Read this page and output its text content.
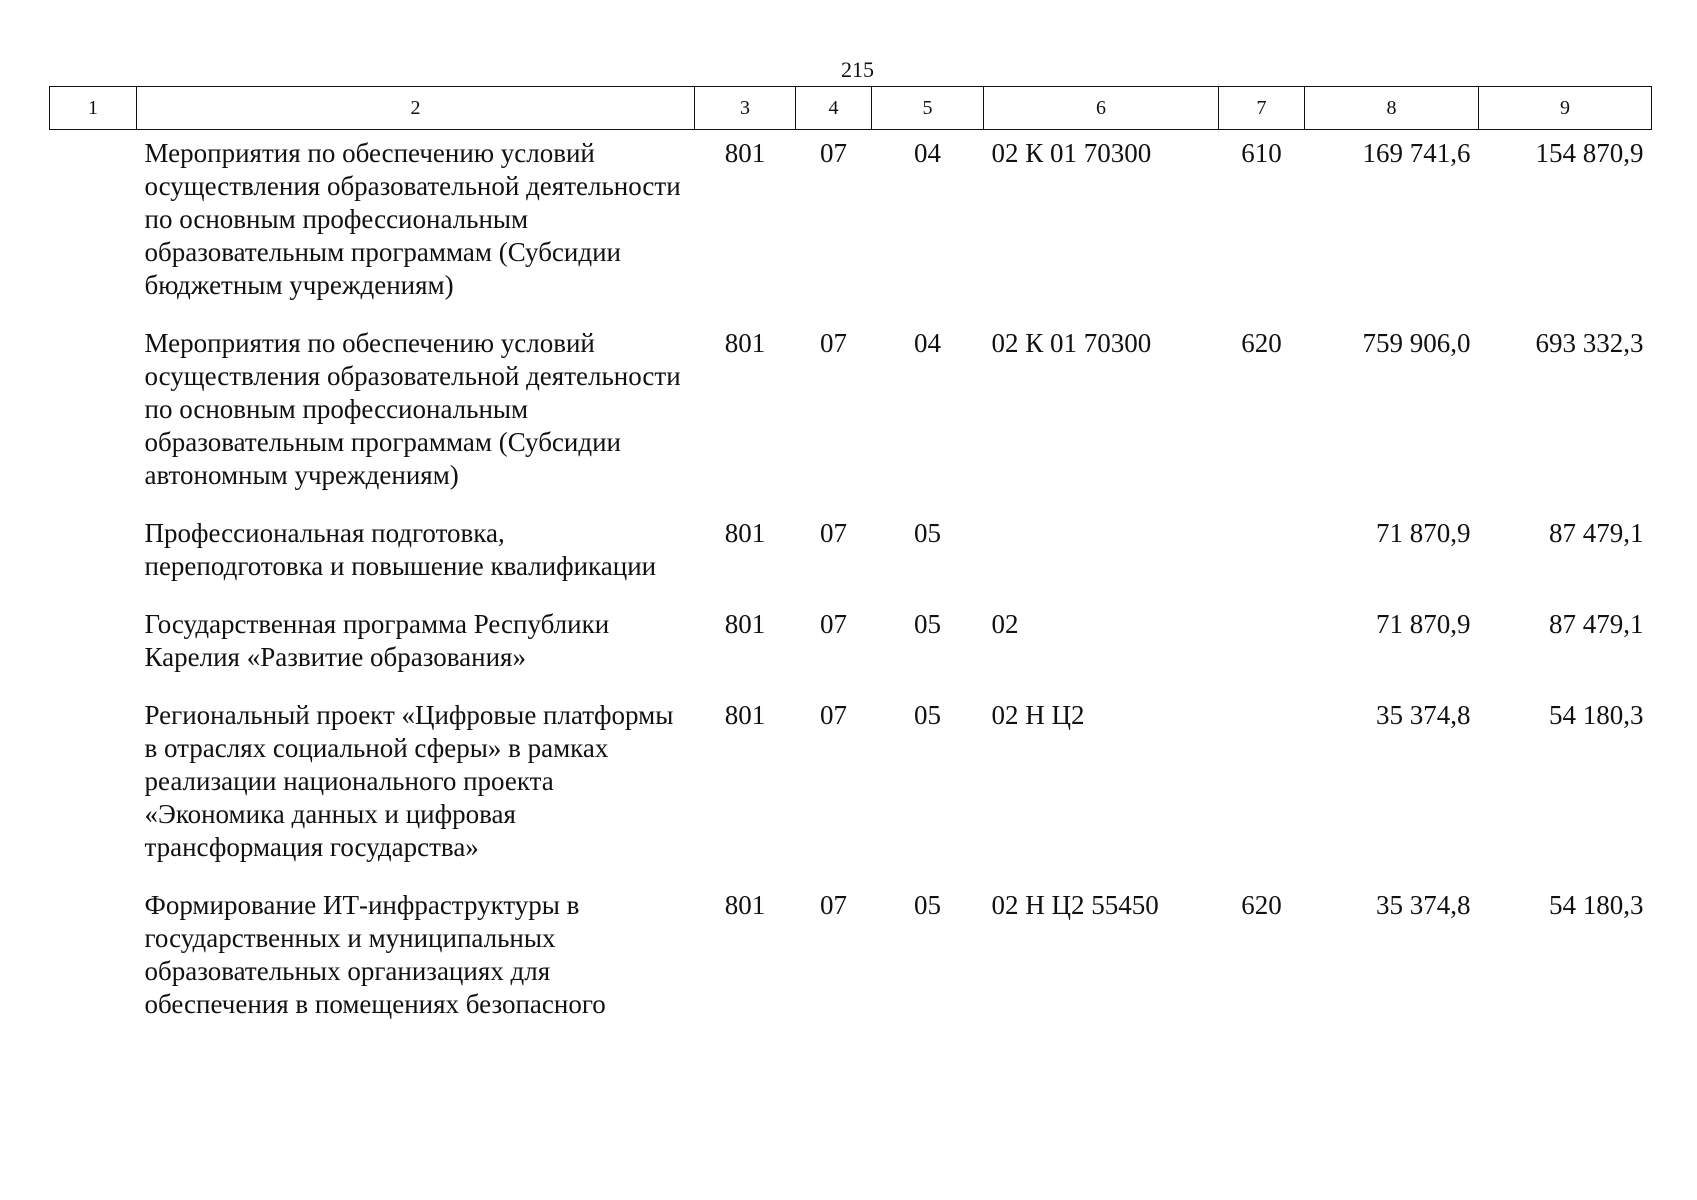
215
1	2	3	4	5	6	7	8	9
	Мероприятия по обеспечению условий осуществления образовательной деятельности по основным профессиональным образовательным программам (Субсидии бюджетным учреждениям)	801	07	04	02 К 01 70300	610	169 741,6	154 870,9
	Мероприятия по обеспечению условий осуществления образовательной деятельности по основным профессиональным образовательным программам (Субсидии автономным учреждениям)	801	07	04	02 К 01 70300	620	759 906,0	693 332,3
	Профессиональная подготовка, переподготовка и повышение квалификации	801	07	05			71 870,9	87 479,1
	Государственная программа Республики Карелия «Развитие образования»	801	07	05	02		71 870,9	87 479,1
	Региональный проект «Цифровые платформы в отраслях социальной сферы» в рамках реализации национального проекта «Экономика данных и цифровая трансформация государства»	801	07	05	02 Н Ц2		35 374,8	54 180,3
	Формирование ИТ-инфраструктуры в государственных и муниципальных образовательных организациях для обеспечения в помещениях безопасного	801	07	05	02 Н Ц2 55450	620	35 374,8	54 180,3
